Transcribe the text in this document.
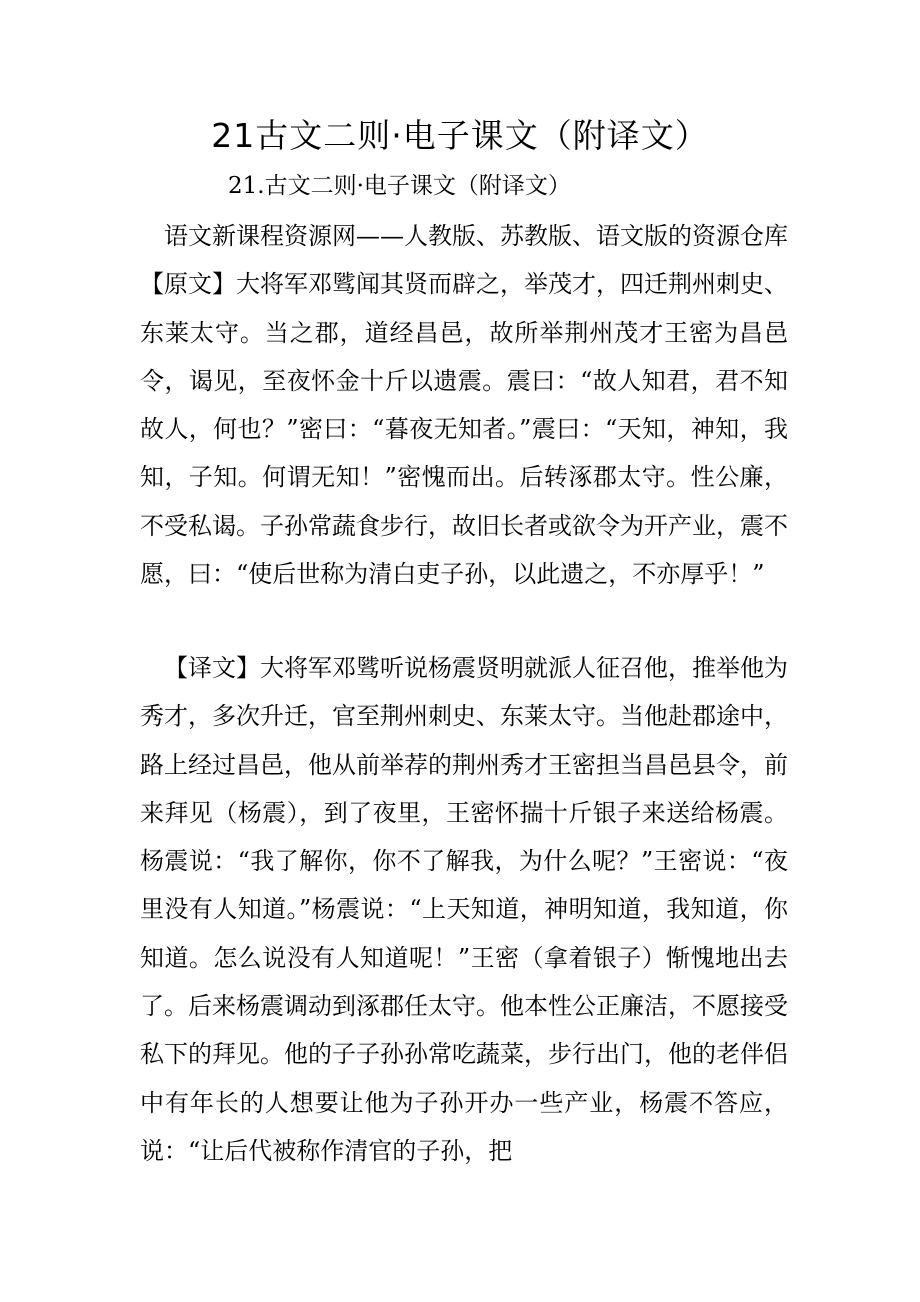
21古文二则·电子课文（附译文）
21.古文二则·电子课文（附译文）

语文新课程资源网——人教版、苏教版、语文版的资源仓库　　【原文】大将军邓骘闻其贤而辟之，举茂才，四迁荆州刺史、东莱太守。当之郡，道经昌邑，故所举荆州茂才王密为昌邑令，谒见，至夜怀金十斤以遗震。震曰：“故人知君，君不知故人，何也？”密曰：“暮夜无知者。”震曰：“天知，神知，我知，子知。何谓无知！”密愧而出。后转涿郡太守。性公廉，不受私谒。子孙常蔬食步行，故旧长者或欲令为开产业，震不愿，曰：“使后世称为清白吏子孙，以此遗之，不亦厚乎！”

【译文】大将军邓骘听说杨震贤明就派人征召他，推举他为秀才，多次升迁，官至荆州刺史、东莱太守。当他赴郡途中，路上经过昌邑，他从前举荐的荆州秀才王密担当昌邑县令，前来拜见（杨震），到了夜里，王密怀揣十斤银子来送给杨震。杨震说：“我了解你，你不了解我，为什么呢？”王密说：“夜里没有人知道。”杨震说：“上天知道，神明知道，我知道，你知道。怎么说没有人知道呢！”王密（拿着银子）惭愧地出去了。后来杨震调动到涿郡任太守。他本性公正廉洁，不愿接受私下的拜见。他的子子孙孙常吃蔬菜，步行出门，他的老伴侣中有年长的人想要让他为子孙开办一些产业，杨震不答应，说：“让后代被称作清官的子孙，把
